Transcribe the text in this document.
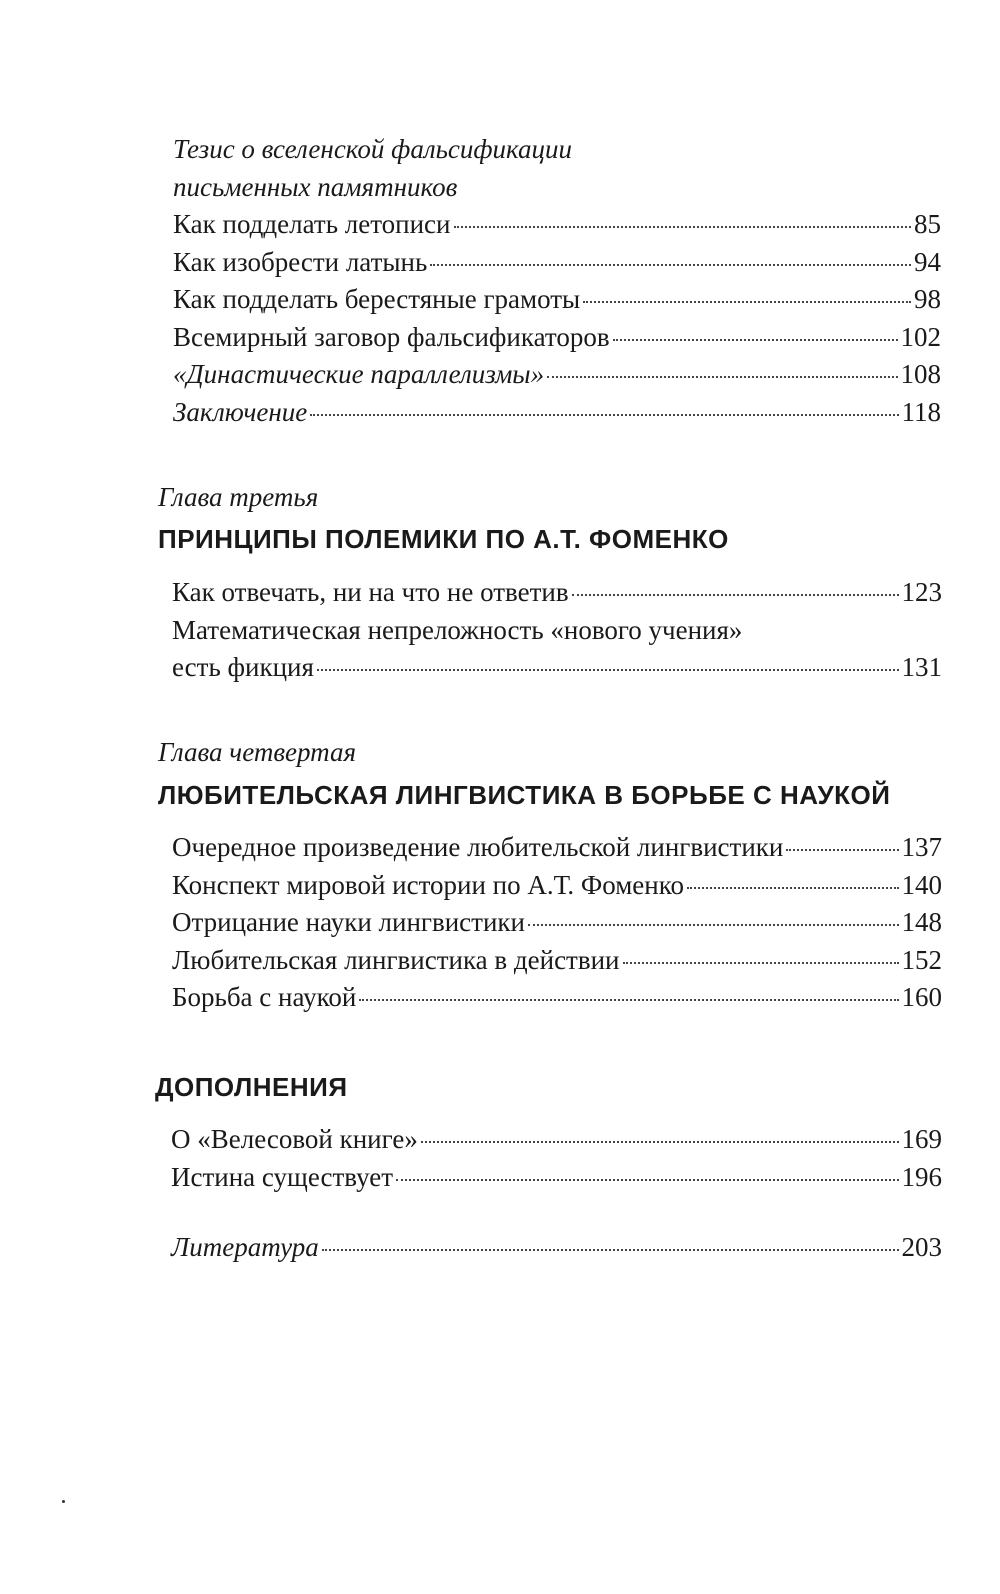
Тезис о вселенской фальсификации
письменных памятников
Как подделать летописи	85
Как изобрести латынь	94
Как подделать берестяные грамоты	98
Всемирный заговор фальсификаторов	102
«Династические параллелизмы»	108
Заключение	118
Глава третья
ПРИНЦИПЫ ПОЛЕМИКИ ПО А.Т. ФОМЕНКО
Как отвечать, ни на что не ответив	123
Математическая непреложность «нового учения»
есть фикция	131
Глава четвертая
ЛЮБИТЕЛЬСКАЯ ЛИНГВИСТИКА В БОРЬБЕ С НАУКОЙ
Очередное произведение любительской лингвистики	137
Конспект мировой истории по А.Т. Фоменко	140
Отрицание науки лингвистики	148
Любительская лингвистика в действии	152
Борьба с наукой	160
ДОПОЛНЕНИЯ
О «Велесовой книге»	169
Истина существует	196
Литература	203
